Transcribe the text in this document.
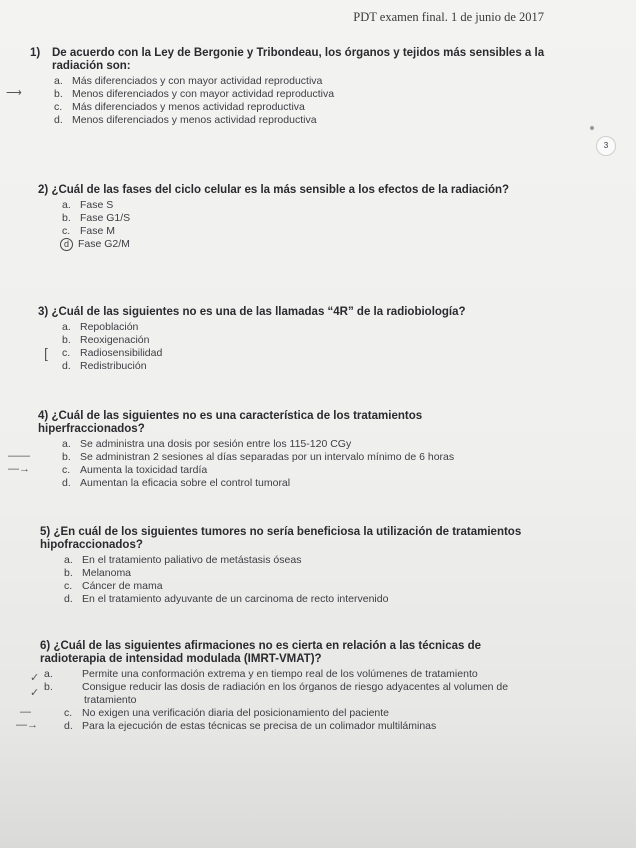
PDT examen final. 1 de junio de 2017
3
1) De acuerdo con la Ley de Bergonie y Tribondeau, los órganos y tejidos más sensibles a la radiación son:
a. Más diferenciados y con mayor actividad reproductiva
⟶	b. Menos diferenciados y con mayor actividad reproductiva
c. Más diferenciados y menos actividad reproductiva
d. Menos diferenciados y menos actividad reproductiva
2) ¿Cuál de las fases del ciclo celular es la más sensible a los efectos de la radiación?
a. Fase S
b. Fase G1/S
c. Fase M
d Fase G2/M
3) ¿Cuál de las siguientes no es una de las llamadas “4R” de la radiobiología?
a. Repoblación
b. Reoxigenación
[ c. Radiosensibilidad
d. Redistribución
4) ¿Cuál de las siguientes no es una característica de los tratamientos hiperfraccionados?
a. Se administra una dosis por sesión entre los 115-120 CGy
——	b. Se administran 2 sesiones al días separadas por un intervalo mínimo de 6 horas
—→	c. Aumenta la toxicidad tardía
d. Aumentan la eficacia sobre el control tumoral
5) ¿En cuál de los siguientes tumores no sería beneficiosa la utilización de tratamientos hipofraccionados?
a. En el tratamiento paliativo de metástasis óseas
b. Melanoma
c. Cáncer de mama
d. En el tratamiento adyuvante de un carcinoma de recto intervenido
6) ¿Cuál de las siguientes afirmaciones no es cierta en relación a las técnicas de radioterapia de intensidad modulada (IMRT-VMAT)?
✓ a.	Permite una conformación extrema y en tiempo real de los volúmenes de tratamiento
✓ b.	Consigue reducir las dosis de radiación en los órganos de riesgo adyacentes al volumen de tratamiento
—	c. No exigen una verificación diaria del posicionamiento del paciente
—→ d. Para la ejecución de estas técnicas se precisa de un colimador multiláminas
